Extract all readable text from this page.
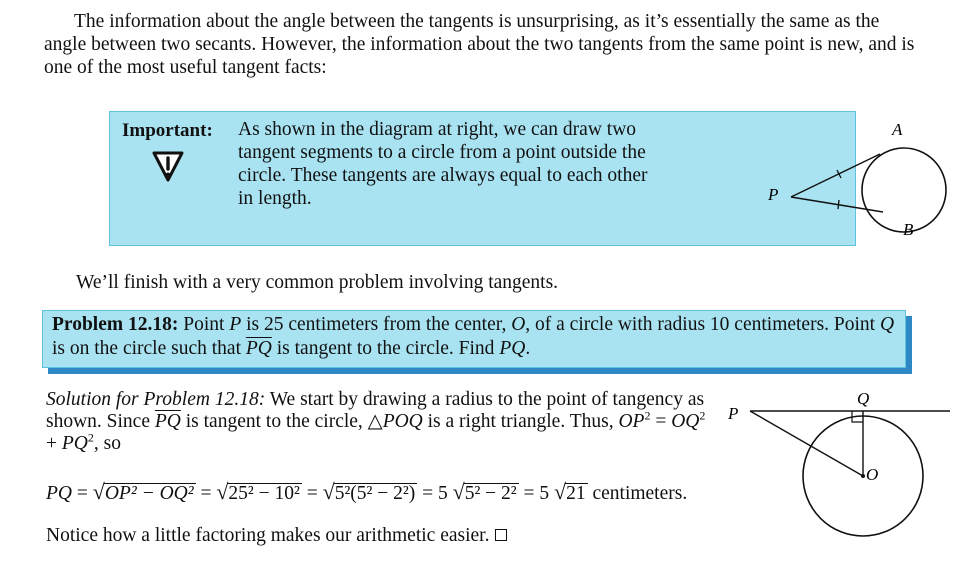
The information about the angle between the tangents is unsurprising, as it’s essentially the same as the angle between two secants. However, the information about the two tangents from the same point is new, and is one of the most useful tangent facts:

Important: As shown in the diagram at right, we can draw two tangent segments to a circle from a point outside the circle. These tangents are always equal to each other in length.	P
A
B

We’ll finish with a very common problem involving tangents.

Problem 12.18: Point P is 25 centimeters from the center, O, of a circle with radius 10 centimeters. Point Q is on the circle such that $\overline{PQ}$ is tangent to the circle. Find PQ.

Solution for Problem 12.18: We start by drawing a radius to the point of tangency as shown. Since $\overline{PQ}$ is tangent to the circle, △POQ is a right triangle. Thus, $OP^2 = OQ^2 + PQ^2$, so

PQ = √OP² − OQ² = √25² − 10² = √5²(5² − 2²) = 5 √5² − 2² = 5 √21 centimeters.
Notice how a little factoring makes our arithmetic easier.
P
Q
O
